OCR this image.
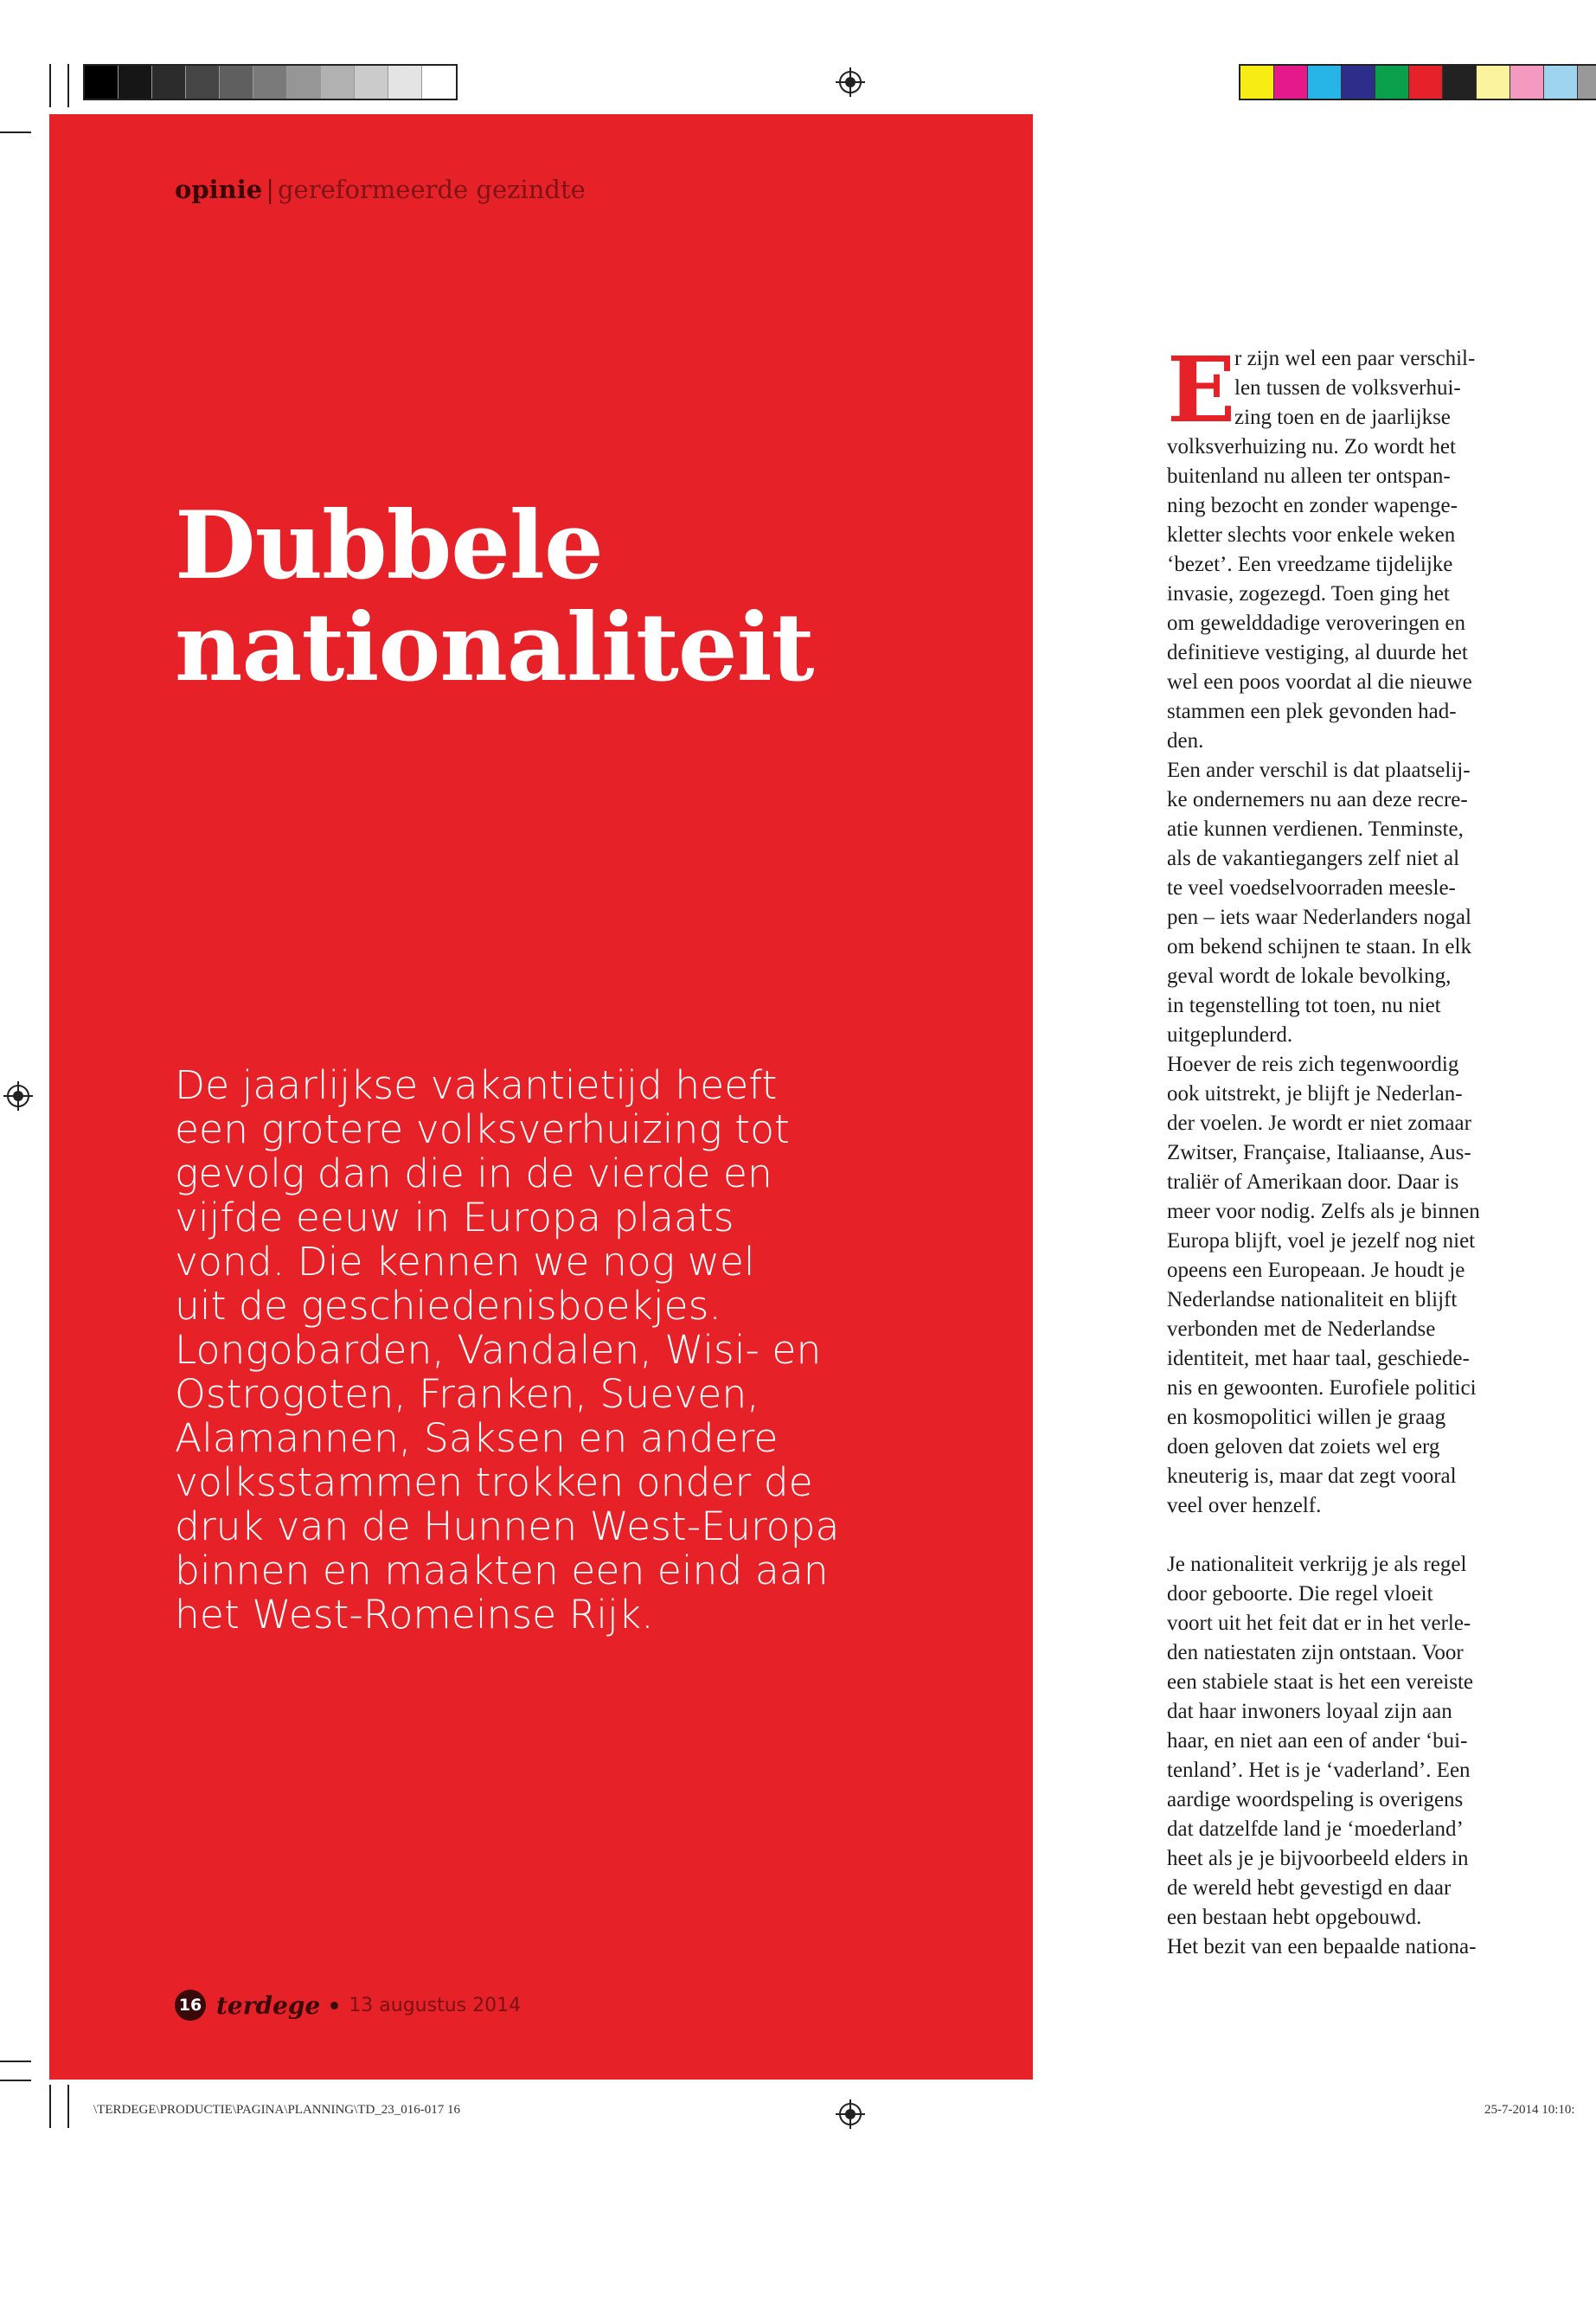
opinie | gereformeerde gezindte
Dubbele
nationaliteit

De jaarlijkse vakantietijd heeft
een grotere volksverhuizing tot
gevolg dan die in de vierde en
vijfde eeuw in Europa plaats
vond. Die kennen we nog wel
uit de geschiedenisboekjes.
Longobarden, Vandalen, Wisi- en
Ostrogoten, Franken, Sueven,
Alamannen, Saksen en andere
volksstammen trokken onder de
druk van de Hunnen West-Europa
binnen en maakten een eind aan
het West-Romeinse Rijk.

16 terdege 13 augustus 2014
E
r zijn wel een paar verschil-
len tussen de volksverhui-
zing toen en de jaarlijkse
volksverhuizing nu. Zo wordt het
buitenland nu alleen ter ontspan-
ning bezocht en zonder wapenge-
kletter slechts voor enkele weken
‘bezet’. Een vreedzame tijdelijke
invasie, zogezegd. Toen ging het
om gewelddadige veroveringen en
definitieve vestiging, al duurde het
wel een poos voordat al die nieuwe
stammen een plek gevonden had-
den.
Een ander verschil is dat plaatselij-
ke ondernemers nu aan deze recre-
atie kunnen verdienen. Tenminste,
als de vakantiegangers zelf niet al
te veel voedselvoorraden meesle-
pen – iets waar Nederlanders nogal
om bekend schijnen te staan. In elk
geval wordt de lokale bevolking,
in tegenstelling tot toen, nu niet
uitgeplunderd.
Hoever de reis zich tegenwoordig
ook uitstrekt, je blijft je Nederlan-
der voelen. Je wordt er niet zomaar
Zwitser, Française, Italiaanse, Aus-
traliër of Amerikaan door. Daar is
meer voor nodig. Zelfs als je binnen
Europa blijft, voel je jezelf nog niet
opeens een Europeaan. Je houdt je
Nederlandse nationaliteit en blijft
verbonden met de Nederlandse
identiteit, met haar taal, geschiede-
nis en gewoonten. Eurofiele politici
en kosmopolitici willen je graag
doen geloven dat zoiets wel erg
kneuterig is, maar dat zegt vooral
veel over henzelf.
Je nationaliteit verkrijg je als regel
door geboorte. Die regel vloeit
voort uit het feit dat er in het verle-
den natiestaten zijn ontstaan. Voor
een stabiele staat is het een vereiste
dat haar inwoners loyaal zijn aan
haar, en niet aan een of ander ‘bui-
tenland’. Het is je ‘vaderland’. Een
aardige woordspeling is overigens
dat datzelfde land je ‘moederland’
heet als je je bijvoorbeeld elders in
de wereld hebt gevestigd en daar
een bestaan hebt opgebouwd.
Het bezit van een bepaalde nationa-
\TERDEGE\PRODUCTIE\PAGINA\PLANNING\TD_23_016-017 16	25-7-2014 10:10:
